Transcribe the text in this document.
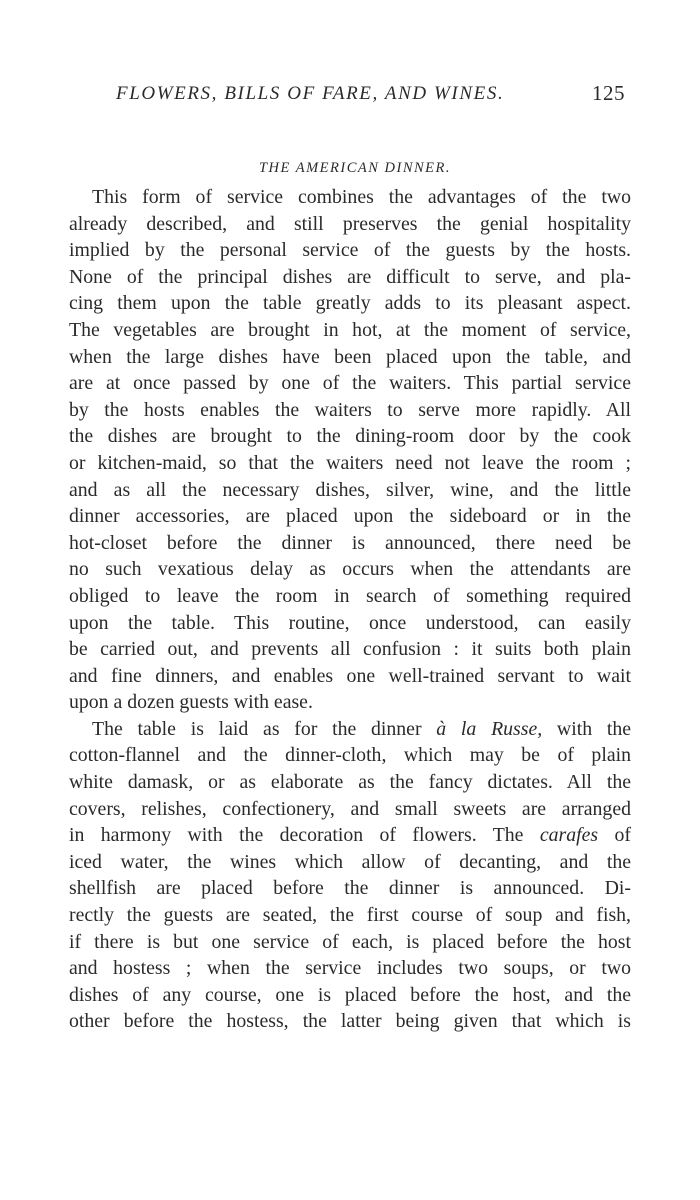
FLOWERS, BILLS OF FARE, AND WINES.	125
THE AMERICAN DINNER.
This form of service combines the advantages of the two
already described, and still preserves the genial hospitality
implied by the personal service of the guests by the hosts.
None of the principal dishes are difficult to serve, and pla-
cing them upon the table greatly adds to its pleasant aspect.
The vegetables are brought in hot, at the moment of service,
when the large dishes have been placed upon the table, and
are at once passed by one of the waiters. This partial service
by the hosts enables the waiters to serve more rapidly. All
the dishes are brought to the dining-room door by the cook
or kitchen-maid, so that the waiters need not leave the room ;
and as all the necessary dishes, silver, wine, and the little
dinner accessories, are placed upon the sideboard or in the
hot-closet before the dinner is announced, there need be
no such vexatious delay as occurs when the attendants are
obliged to leave the room in search of something required
upon the table. This routine, once understood, can easily
be carried out, and prevents all confusion : it suits both plain
and fine dinners, and enables one well-trained servant to wait
upon a dozen guests with ease.
The table is laid as for the dinner à la Russe, with the
cotton-flannel and the dinner-cloth, which may be of plain
white damask, or as elaborate as the fancy dictates. All the
covers, relishes, confectionery, and small sweets are arranged
in harmony with the decoration of flowers. The carafes of
iced water, the wines which allow of decanting, and the
shellfish are placed before the dinner is announced. Di-
rectly the guests are seated, the first course of soup and fish,
if there is but one service of each, is placed before the host
and hostess ; when the service includes two soups, or two
dishes of any course, one is placed before the host, and the
other before the hostess, the latter being given that which is
